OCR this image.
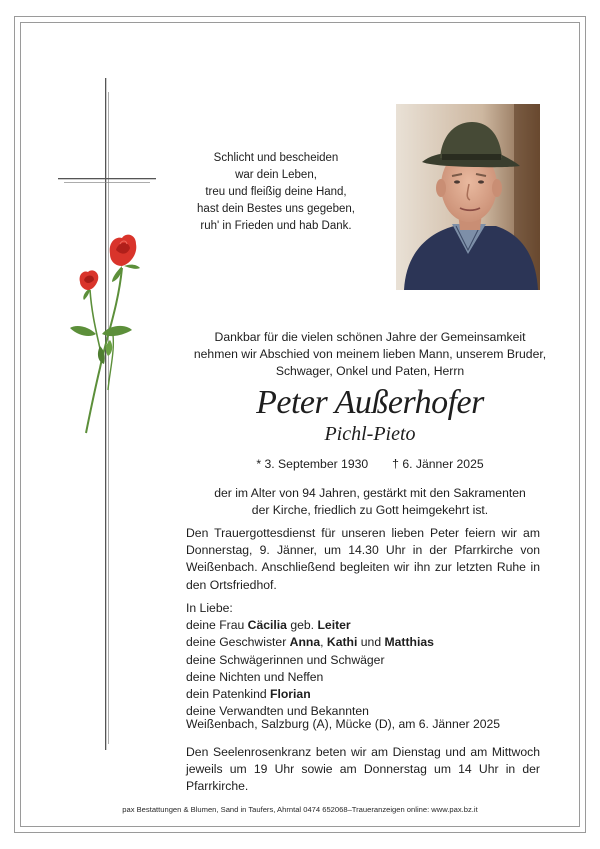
Schlicht und bescheiden
war dein Leben,
treu und fleißig deine Hand,
hast dein Bestes uns gegeben,
ruh' in Frieden und hab Dank.
Dankbar für die vielen schönen Jahre der Gemeinsamkeit
nehmen wir Abschied von meinem lieben Mann, unserem Bruder,
Schwager, Onkel und Paten, Herrn
Peter Außerhofer
Pichl-Pieto
* 3. September 1930 † 6. Jänner 2025
der im Alter von 94 Jahren, gestärkt mit den Sakramenten
der Kirche, friedlich zu Gott heimgekehrt ist.
Den Trauergottesdienst für unseren lieben Peter feiern wir am Donnerstag, 9. Jänner, um 14.30 Uhr in der Pfarrkirche von Weißenbach. Anschließend begleiten wir ihn zur letzten Ruhe in den Ortsfriedhof.
In Liebe:
deine Frau Cäcilia geb. Leiter
deine Geschwister Anna, Kathi und Matthias
deine Schwägerinnen und Schwäger
deine Nichten und Neffen
dein Patenkind Florian
deine Verwandten und Bekannten
Weißenbach, Salzburg (A), Mücke (D), am 6. Jänner 2025
Den Seelenrosenkranz beten wir am Dienstag und am Mittwoch jeweils um 19 Uhr sowie am Donnerstag um 14 Uhr in der Pfarrkirche.
pax Bestattungen & Blumen, Sand in Taufers, Ahrntal 0474 652068–Traueranzeigen online: www.pax.bz.it
